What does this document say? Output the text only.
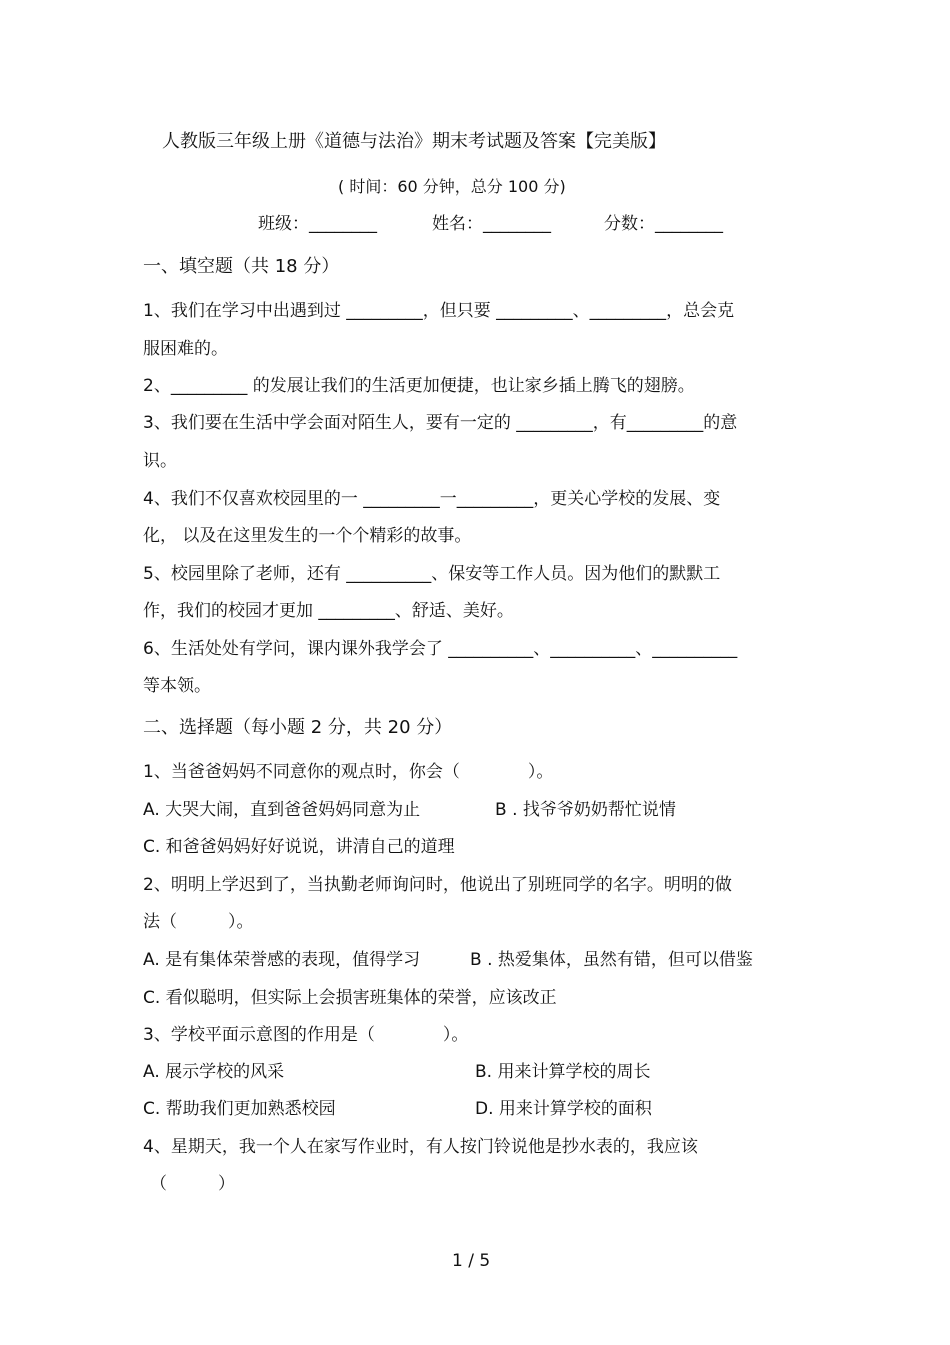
人教版三年级上册《道德与法治》期末考试题及答案【完美版】
( 时间：60 分钟，总分 100 分)
班级：________	姓名：________	分数：________
一、填空题（共 18 分）
1、我们在学习中出遇到过 _________，但只要 _________、_________，总会克
服困难的。
2、_________ 的发展让我们的生活更加便捷，也让家乡插上腾飞的翅膀。
3、我们要在生活中学会面对陌生人，要有一定的 _________，有_________的意
识。
4、我们不仅喜欢校园里的一 _________一_________，更关心学校的发展、变
化， 以及在这里发生的一个个精彩的故事。
5、校园里除了老师，还有 __________、保安等工作人员。因为他们的默默工
作，我们的校园才更加 _________、舒适、美好。
6、生活处处有学问，课内课外我学会了 __________、__________、__________
等本领。
二、选择题（每小题 2 分，共 20 分）
1、当爸爸妈妈不同意你的观点时，你会（　　　　）。
A. 大哭大闹，直到爸爸妈妈同意为止	B . 找爷爷奶奶帮忙说情
C. 和爸爸妈妈好好说说，讲清自己的道理
2、明明上学迟到了，当执勤老师询问时，他说出了别班同学的名字。明明的做
法（　　　）。
A. 是有集体荣誉感的表现，值得学习	B . 热爱集体，虽然有错，但可以借鉴
C. 看似聪明，但实际上会损害班集体的荣誉，应该改正
3、学校平面示意图的作用是（　　　　）。
A. 展示学校的风采	B. 用来计算学校的周长
C. 帮助我们更加熟悉校园	D. 用来计算学校的面积
4、星期天，我一个人在家写作业时，有人按门铃说他是抄水表的，我应该
（　　　）
1 / 5
